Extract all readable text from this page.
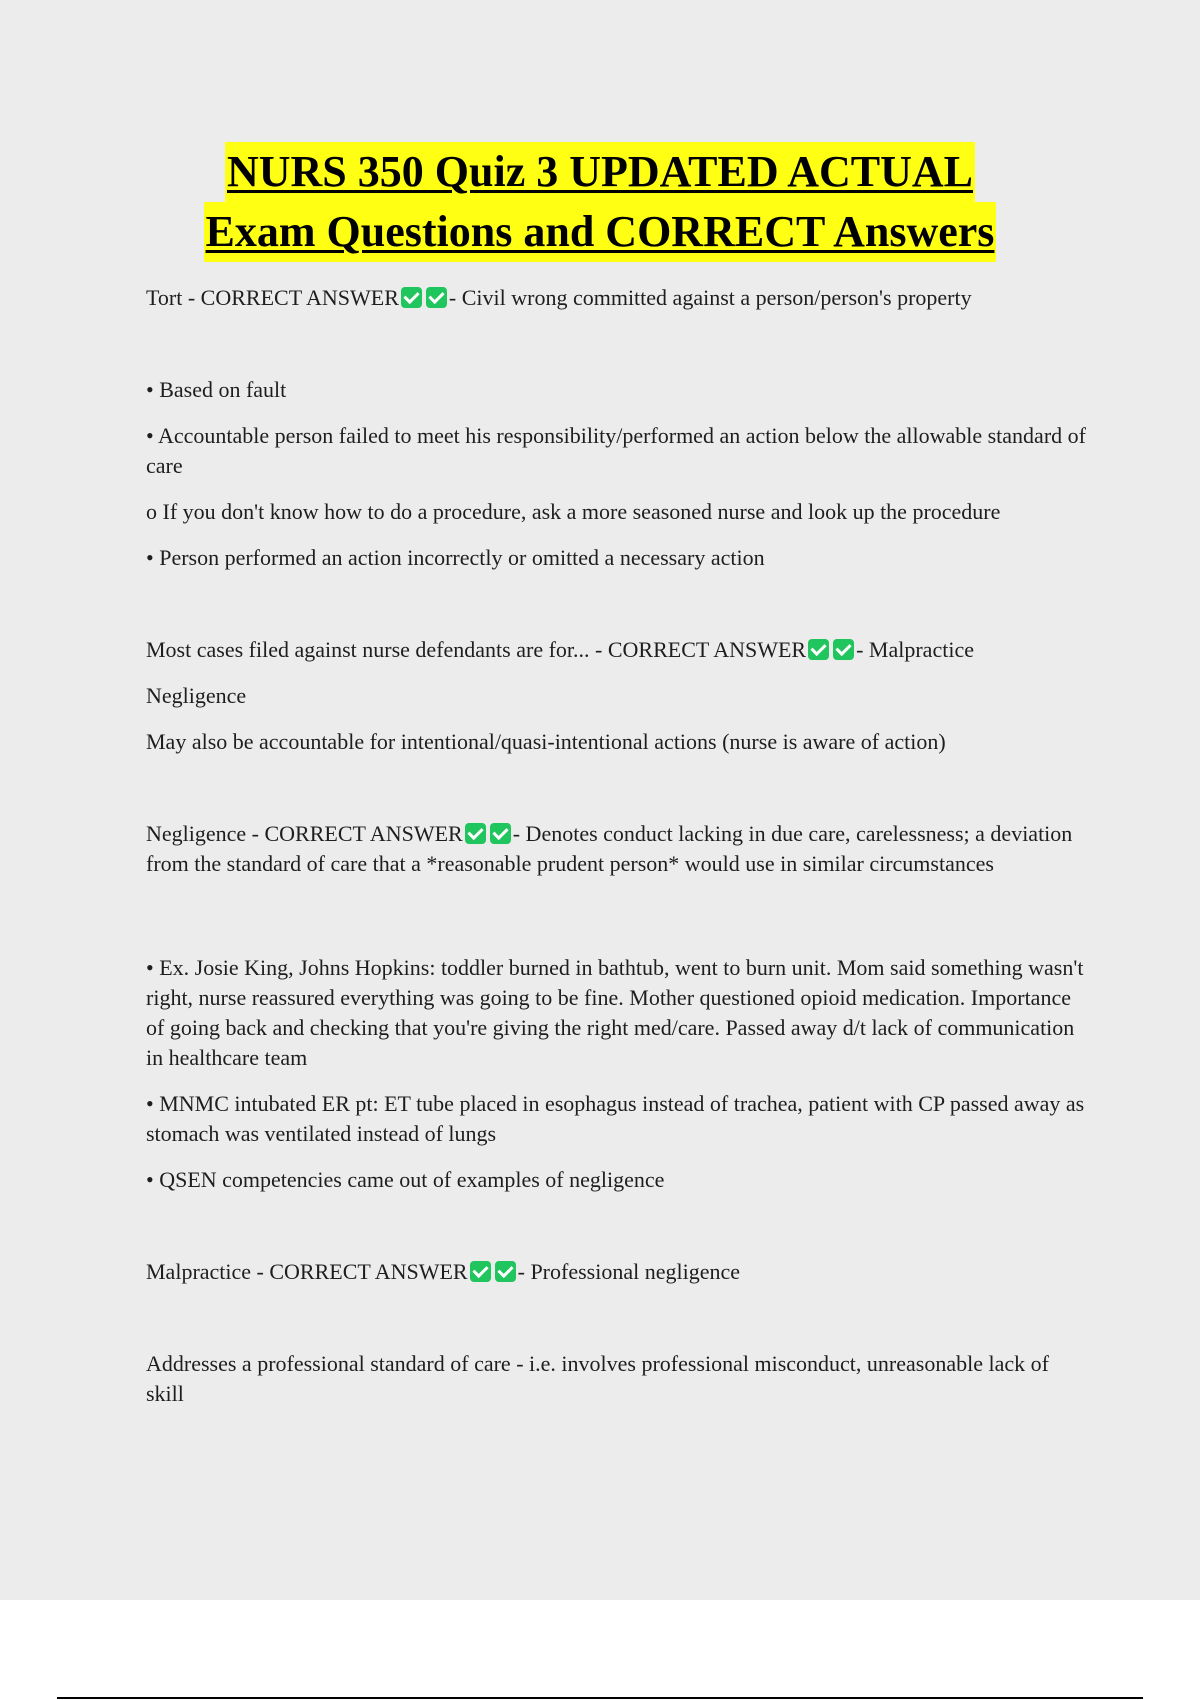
NURS 350 Quiz 3 UPDATED ACTUAL
Exam Questions and CORRECT Answers

Tort - CORRECT ANSWER - Civil wrong committed against a person/person's property

• Based on fault

• Accountable person failed to meet his responsibility/performed an action below the allowable standard of care

o If you don't know how to do a procedure, ask a more seasoned nurse and look up the procedure

• Person performed an action incorrectly or omitted a necessary action

Most cases filed against nurse defendants are for... - CORRECT ANSWER - Malpractice

Negligence

May also be accountable for intentional/quasi-intentional actions (nurse is aware of action)

Negligence - CORRECT ANSWER - Denotes conduct lacking in due care, carelessness; a deviation from the standard of care that a *reasonable prudent person* would use in similar circumstances

• Ex. Josie King, Johns Hopkins: toddler burned in bathtub, went to burn unit. Mom said something wasn't right, nurse reassured everything was going to be fine. Mother questioned opioid medication. Importance of going back and checking that you're giving the right med/care. Passed away d/t lack of communication in healthcare team

• MNMC intubated ER pt: ET tube placed in esophagus instead of trachea, patient with CP passed away as stomach was ventilated instead of lungs

• QSEN competencies came out of examples of negligence

Malpractice - CORRECT ANSWER - Professional negligence

Addresses a professional standard of care - i.e. involves professional misconduct, unreasonable lack of skill
